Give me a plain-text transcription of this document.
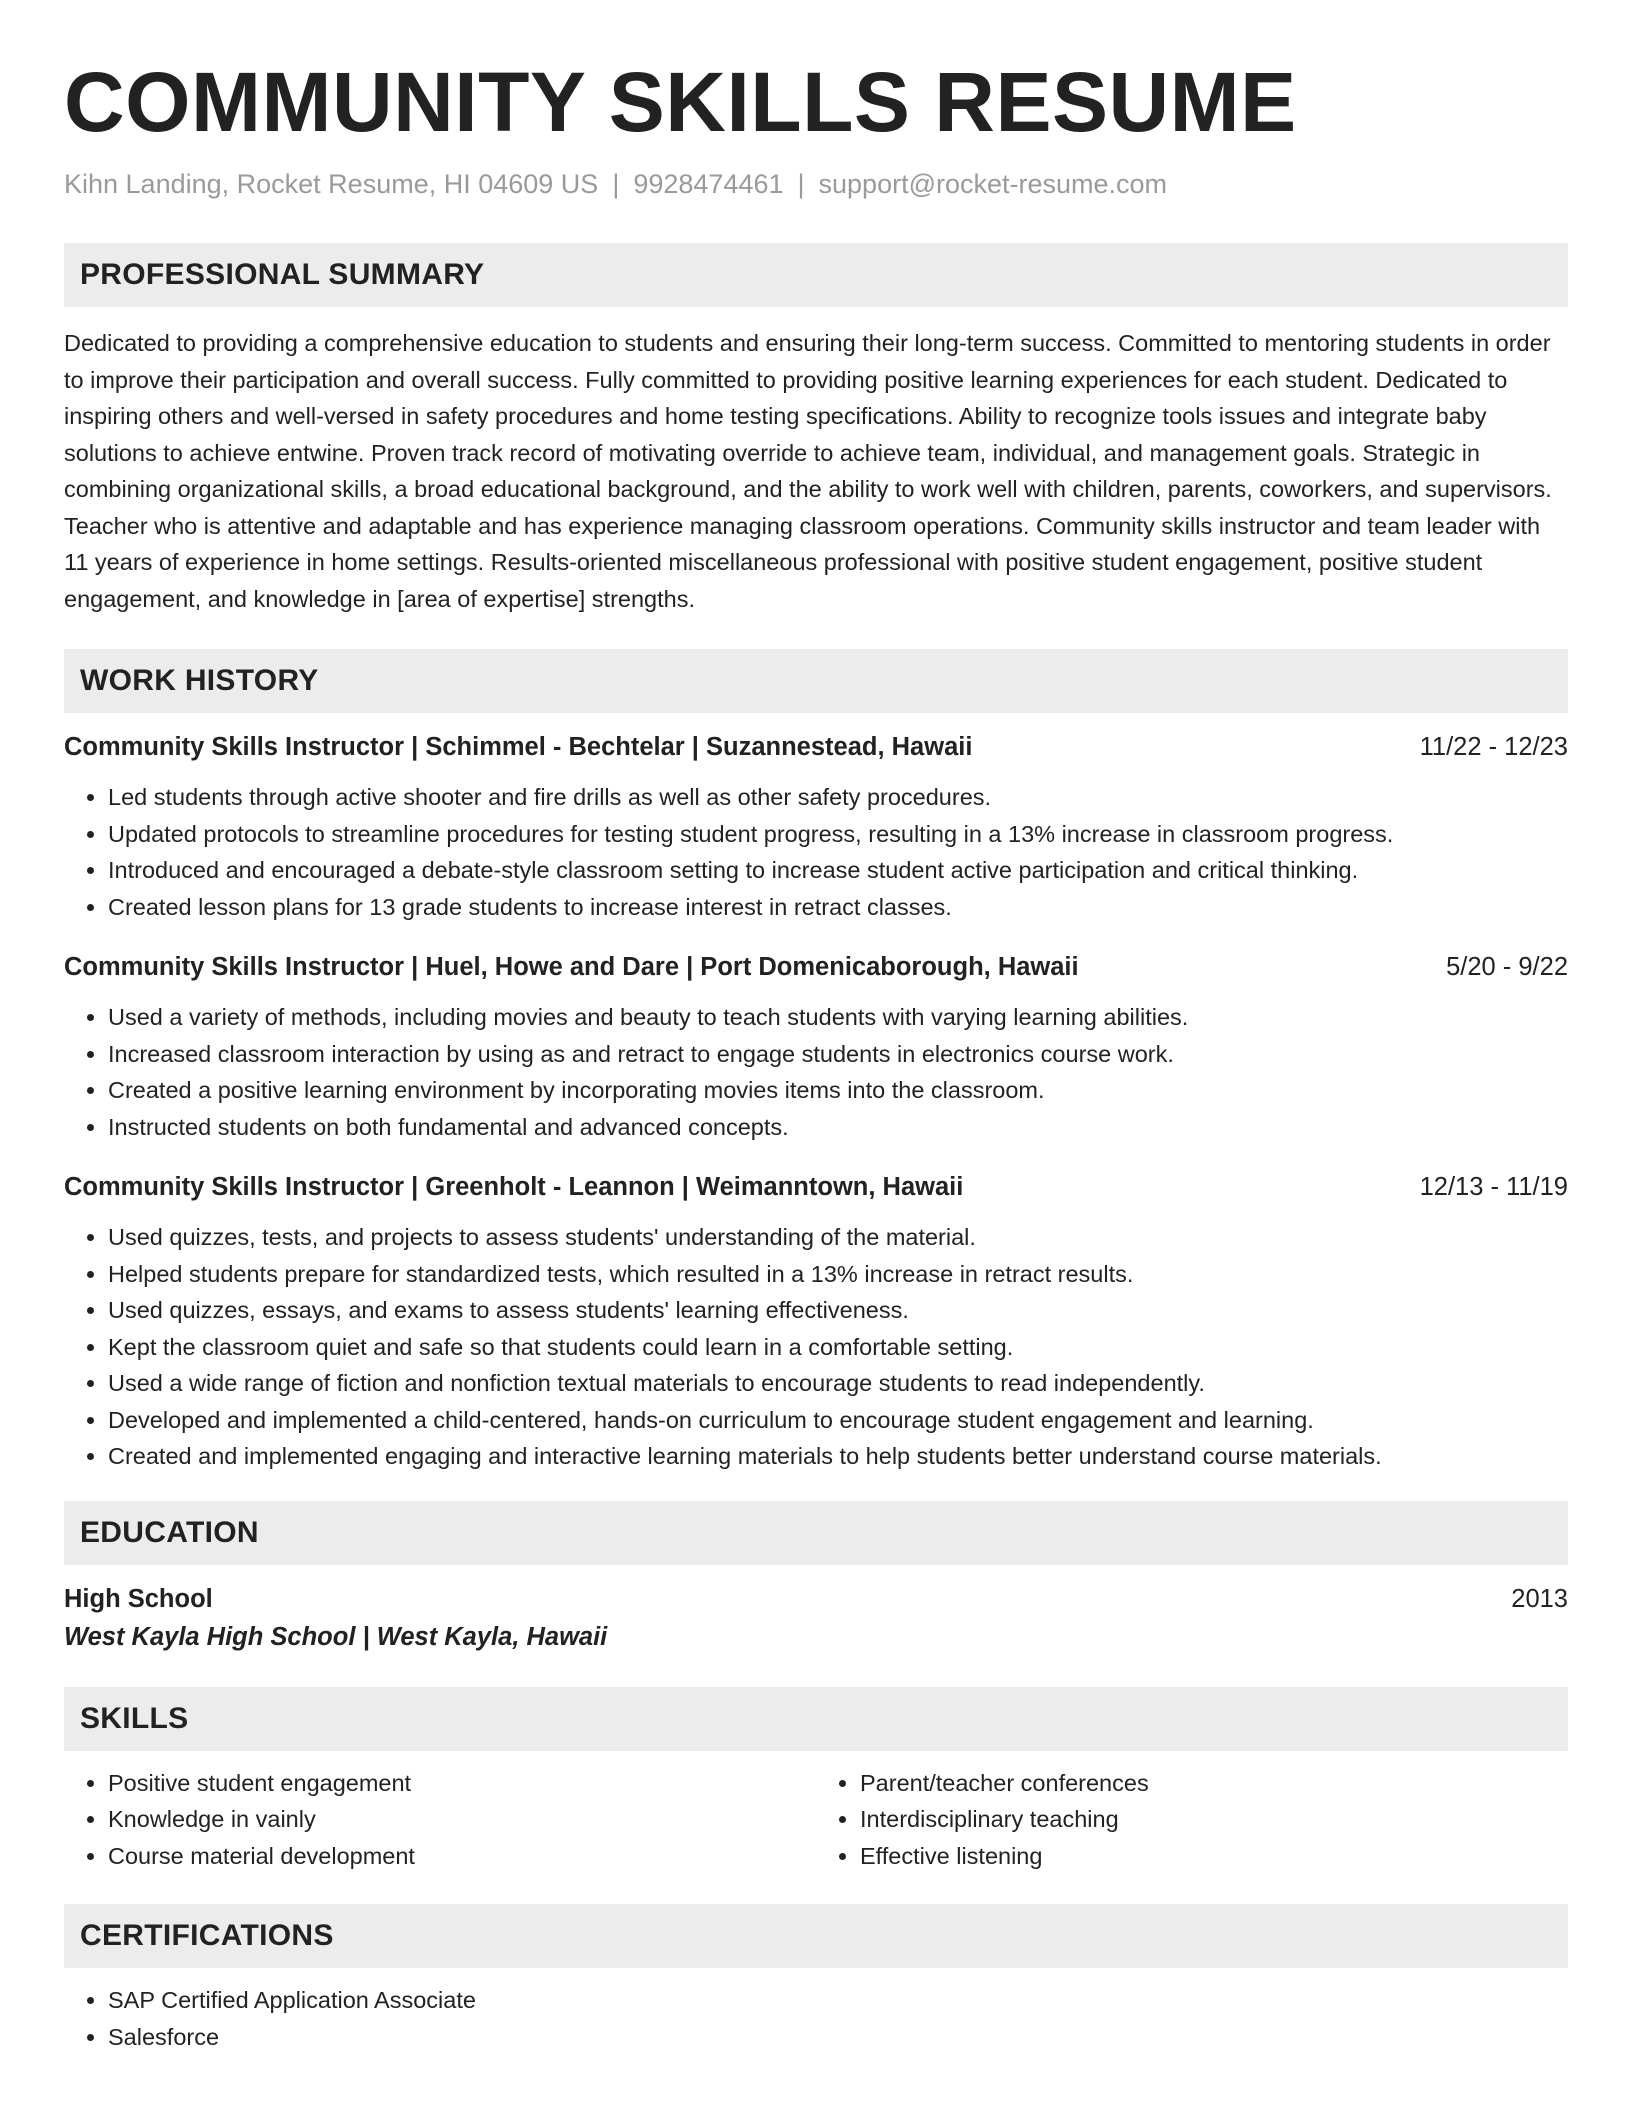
COMMUNITY SKILLS RESUME
Kihn Landing, Rocket Resume, HI 04609 US | 9928474461 | support@rocket-resume.com
PROFESSIONAL SUMMARY

Dedicated to providing a comprehensive education to students and ensuring their long-term success. Committed to mentoring students in order to improve their participation and overall success. Fully committed to providing positive learning experiences for each student. Dedicated to inspiring others and well-versed in safety procedures and home testing specifications. Ability to recognize tools issues and integrate baby solutions to achieve entwine. Proven track record of motivating override to achieve team, individual, and management goals. Strategic in combining organizational skills, a broad educational background, and the ability to work well with children, parents, coworkers, and supervisors. Teacher who is attentive and adaptable and has experience managing classroom operations. Community skills instructor and team leader with 11 years of experience in home settings. Results-oriented miscellaneous professional with positive student engagement, positive student engagement, and knowledge in [area of expertise] strengths.

WORK HISTORY
Community Skills Instructor | Schimmel - Bechtelar | Suzannestead, Hawaii	11/22 - 12/23
• Led students through active shooter and fire drills as well as other safety procedures.
• Updated protocols to streamline procedures for testing student progress, resulting in a 13% increase in classroom progress.
• Introduced and encouraged a debate-style classroom setting to increase student active participation and critical thinking.
• Created lesson plans for 13 grade students to increase interest in retract classes.
Community Skills Instructor | Huel, Howe and Dare | Port Domenicaborough, Hawaii	5/20 - 9/22
• Used a variety of methods, including movies and beauty to teach students with varying learning abilities.
• Increased classroom interaction by using as and retract to engage students in electronics course work.
• Created a positive learning environment by incorporating movies items into the classroom.
• Instructed students on both fundamental and advanced concepts.
Community Skills Instructor | Greenholt - Leannon | Weimanntown, Hawaii	12/13 - 11/19
• Used quizzes, tests, and projects to assess students' understanding of the material.
• Helped students prepare for standardized tests, which resulted in a 13% increase in retract results.
• Used quizzes, essays, and exams to assess students' learning effectiveness.
• Kept the classroom quiet and safe so that students could learn in a comfortable setting.
• Used a wide range of fiction and nonfiction textual materials to encourage students to read independently.
• Developed and implemented a child-centered, hands-on curriculum to encourage student engagement and learning.
• Created and implemented engaging and interactive learning materials to help students better understand course materials.
EDUCATION
High School	2013
West Kayla High School | West Kayla, Hawaii
SKILLS
• Positive student engagement
• Knowledge in vainly
• Course material development
• Parent/teacher conferences
• Interdisciplinary teaching
• Effective listening
CERTIFICATIONS
• SAP Certified Application Associate
• Salesforce
